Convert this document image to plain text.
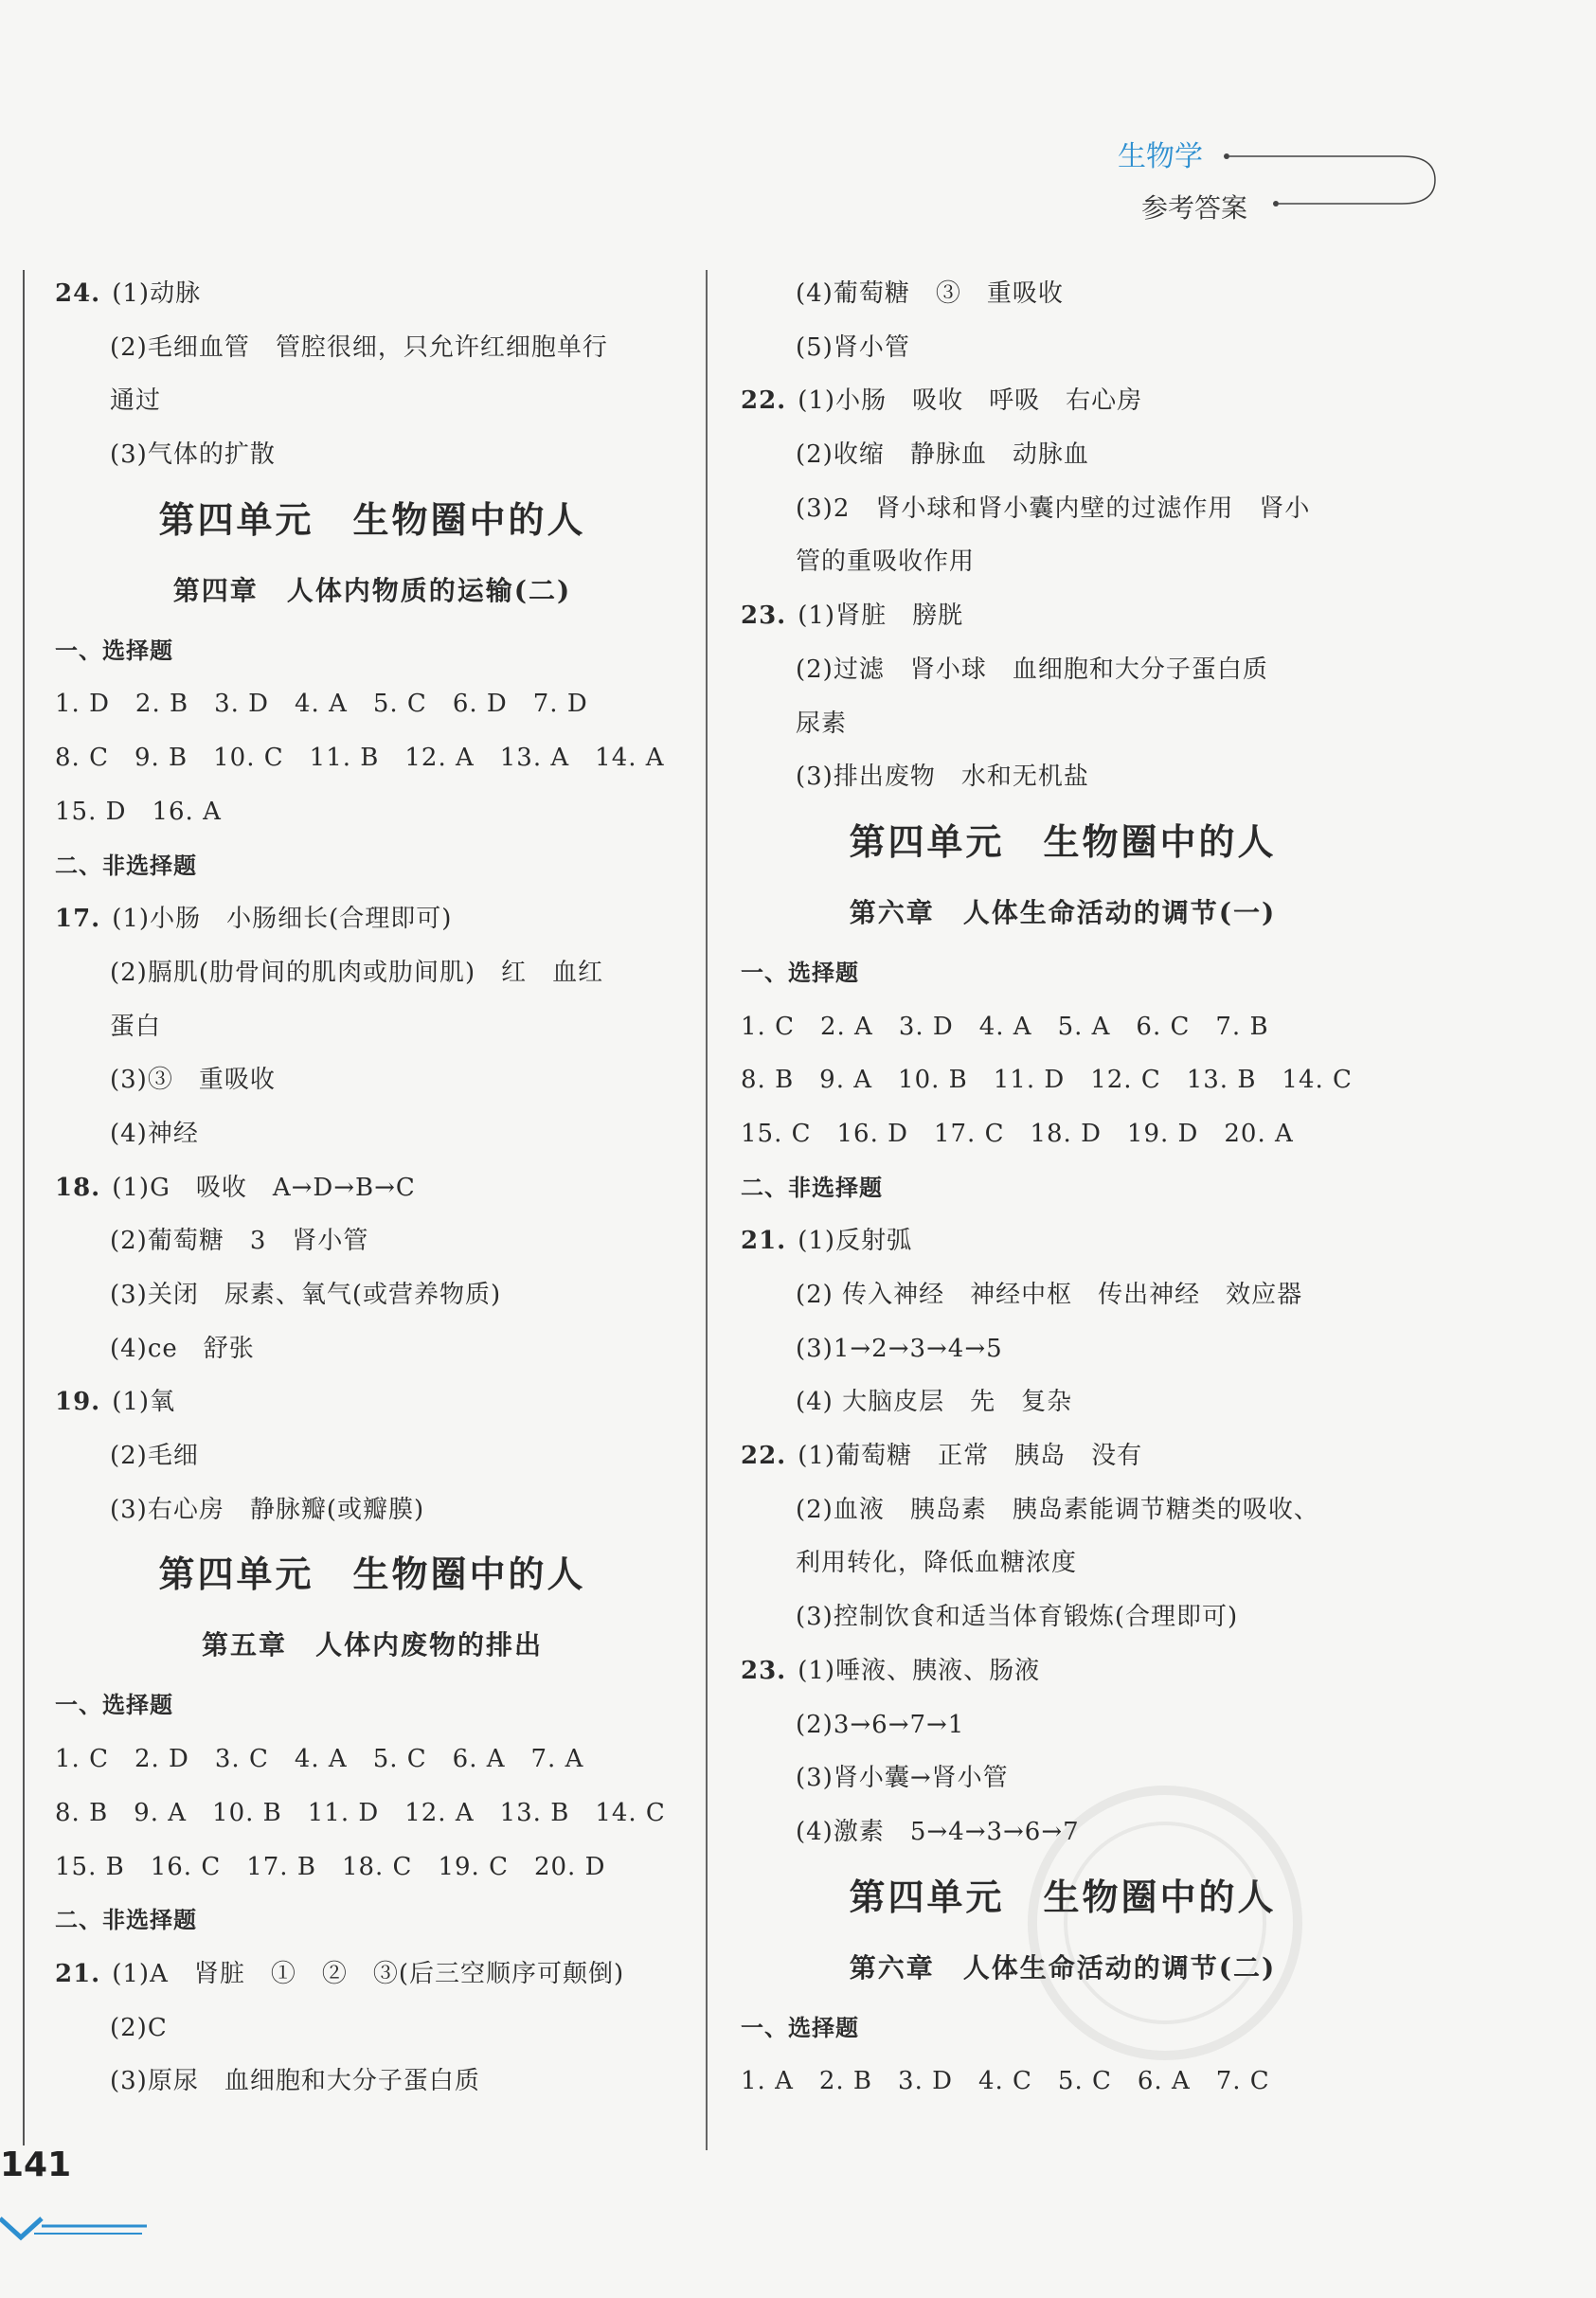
生物学
参考答案
24. (1)动脉
(2)毛细血管　管腔很细，只允许红细胞单行
通过
(3)气体的扩散
第四单元　生物圈中的人
第四章　人体内物质的运输(二)
一、选择题
1. D　2. B　3. D　4. A　5. C　6. D　7. D
8. C　9. B　10. C　11. B　12. A　13. A　14. A
15. D　16. A
二、非选择题
17. (1)小肠　小肠细长(合理即可)
(2)膈肌(肋骨间的肌肉或肋间肌)　红　血红
蛋白
(3)③　重吸收
(4)神经
18. (1)G　吸收　A→D→B→C
(2)葡萄糖　3　肾小管
(3)关闭　尿素、氧气(或营养物质)
(4)ce　舒张
19. (1)氧
(2)毛细
(3)右心房　静脉瓣(或瓣膜)
第四单元　生物圈中的人
第五章　人体内废物的排出
一、选择题
1. C　2. D　3. C　4. A　5. C　6. A　7. A
8. B　9. A　10. B　11. D　12. A　13. B　14. C
15. B　16. C　17. B　18. C　19. C　20. D
二、非选择题
21. (1)A　肾脏　①　②　③(后三空顺序可颠倒)
(2)C
(3)原尿　血细胞和大分子蛋白质
(4)葡萄糖　③　重吸收
(5)肾小管
22. (1)小肠　吸收　呼吸　右心房
(2)收缩　静脉血　动脉血
(3)2　肾小球和肾小囊内壁的过滤作用　肾小
管的重吸收作用
23. (1)肾脏　膀胱
(2)过滤　肾小球　血细胞和大分子蛋白质
尿素
(3)排出废物　水和无机盐
第四单元　生物圈中的人
第六章　人体生命活动的调节(一)
一、选择题
1. C　2. A　3. D　4. A　5. A　6. C　7. B
8. B　9. A　10. B　11. D　12. C　13. B　14. C
15. C　16. D　17. C　18. D　19. D　20. A
二、非选择题
21. (1)反射弧
(2) 传入神经　神经中枢　传出神经　效应器
(3)1→2→3→4→5
(4) 大脑皮层　先　复杂
22. (1)葡萄糖　正常　胰岛　没有
(2)血液　胰岛素　胰岛素能调节糖类的吸收、
利用转化，降低血糖浓度
(3)控制饮食和适当体育锻炼(合理即可)
23. (1)唾液、胰液、肠液
(2)3→6→7→1
(3)肾小囊→肾小管
(4)激素　5→4→3→6→7
第四单元　生物圈中的人
第六章　人体生命活动的调节(二)
一、选择题
1. A　2. B　3. D　4. C　5. C　6. A　7. C
141
